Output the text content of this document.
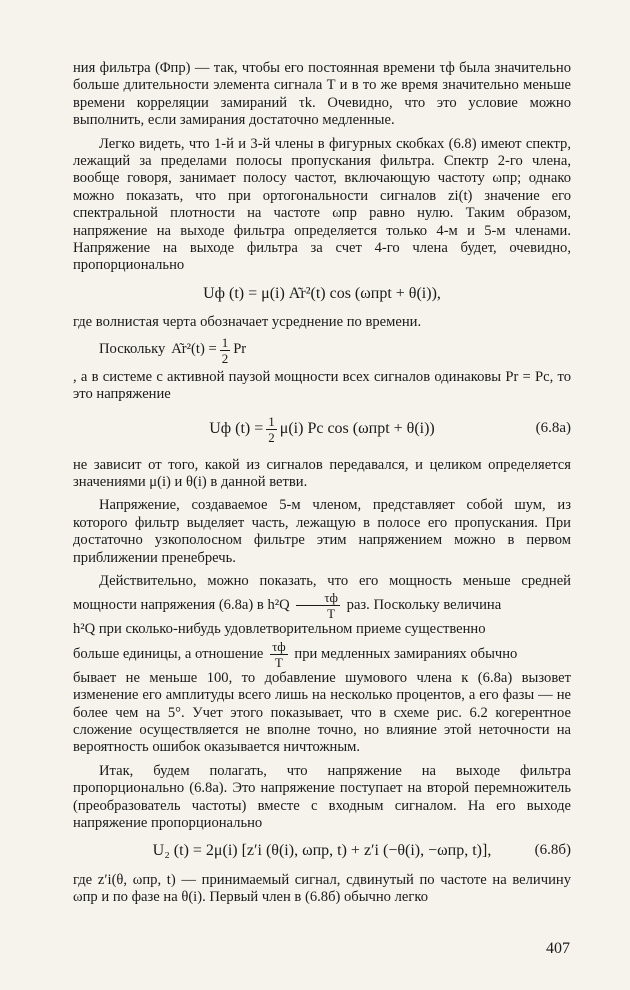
ния фильтра (Φпр) — так, чтобы его постоянная времени τф была значительно больше длительности элемента сигнала T и в то же время значительно меньше времени корреляции замираний τk. Очевидно, что это условие можно выполнить, если замирания достаточно медленные.

Легко видеть, что 1-й и 3-й члены в фигурных скобках (6.8) имеют спектр, лежащий за пределами полосы пропускания фильтра. Спектр 2-го члена, вообще говоря, занимает полосу частот, включающую частоту ωпр; однако можно показать, что при ортогональности сигналов zi(t) значение его спектральной плотности на частоте ωпр равно нулю. Таким образом, напряжение на выходе фильтра определяется только 4-м и 5-м членами. Напряжение на выходе фильтра за счет 4-го члена будет, очевидно, пропорционально

Uф (t) = μ(i) A͂r²(t) cos (ωпрt + θ(i)),

где волнистая черта обозначает усреднение по времени.

Поскольку A͂r²(t) = $\frac{1}{2}$ Pr

, а в системе с активной паузой мощности всех сигналов одинаковы Pr = Pc, то это напряжение

Uф $(t) = \frac{1}{2} \mu(i)$ Pc cos (ωпрt + θ(i))	(6.8а)

не зависит от того, какой из сигналов передавался, и целиком определяется значениями μ(i) и θ(i) в данной ветви.

Напряжение, создаваемое 5-м членом, представляет собой шум, из которого фильтр выделяет часть, лежащую в полосе его пропускания. При достаточно узкополосном фильтре этим напряжением можно в первом приближении пренебречь.

Действительно, можно показать, что его мощность меньше средней мощности напряжения (6.8а) в $h^2Q \frac{\tau ф}{T}$ раз. Поскольку величина

h²Q при сколько-нибудь удовлетворительном приеме существенно

больше единицы, а отношение $\frac{\tau ф}{T}$ при медленных замираниях обычно

бывает не меньше 100, то добавление шумового члена к (6.8а) вызовет изменение его амплитуды всего лишь на несколько процентов, а его фазы — не более чем на 5°. Учет этого показывает, что в схеме рис. 6.2 когерентное сложение осуществляется не вполне точно, но влияние этой неточности на вероятность ошибок оказывается ничтожным.

Итак, будем полагать, что напряжение на выходе фильтра пропорционально (6.8а). Это напряжение поступает на второй перемножитель (преобразователь частоты) вместе с входным сигналом. На его выходе напряжение пропорционально

U₂ (t) = 2μ(i) [z′i (θ(i), ωпр, t) + z′i (−θ(i), −ωпр, t)],	(6.8б)

где z′i(θ, ωпр, t) — принимаемый сигнал, сдвинутый по частоте на величину ωпр и по фазе на θ(i). Первый член в (6.8б) обычно легко

407
